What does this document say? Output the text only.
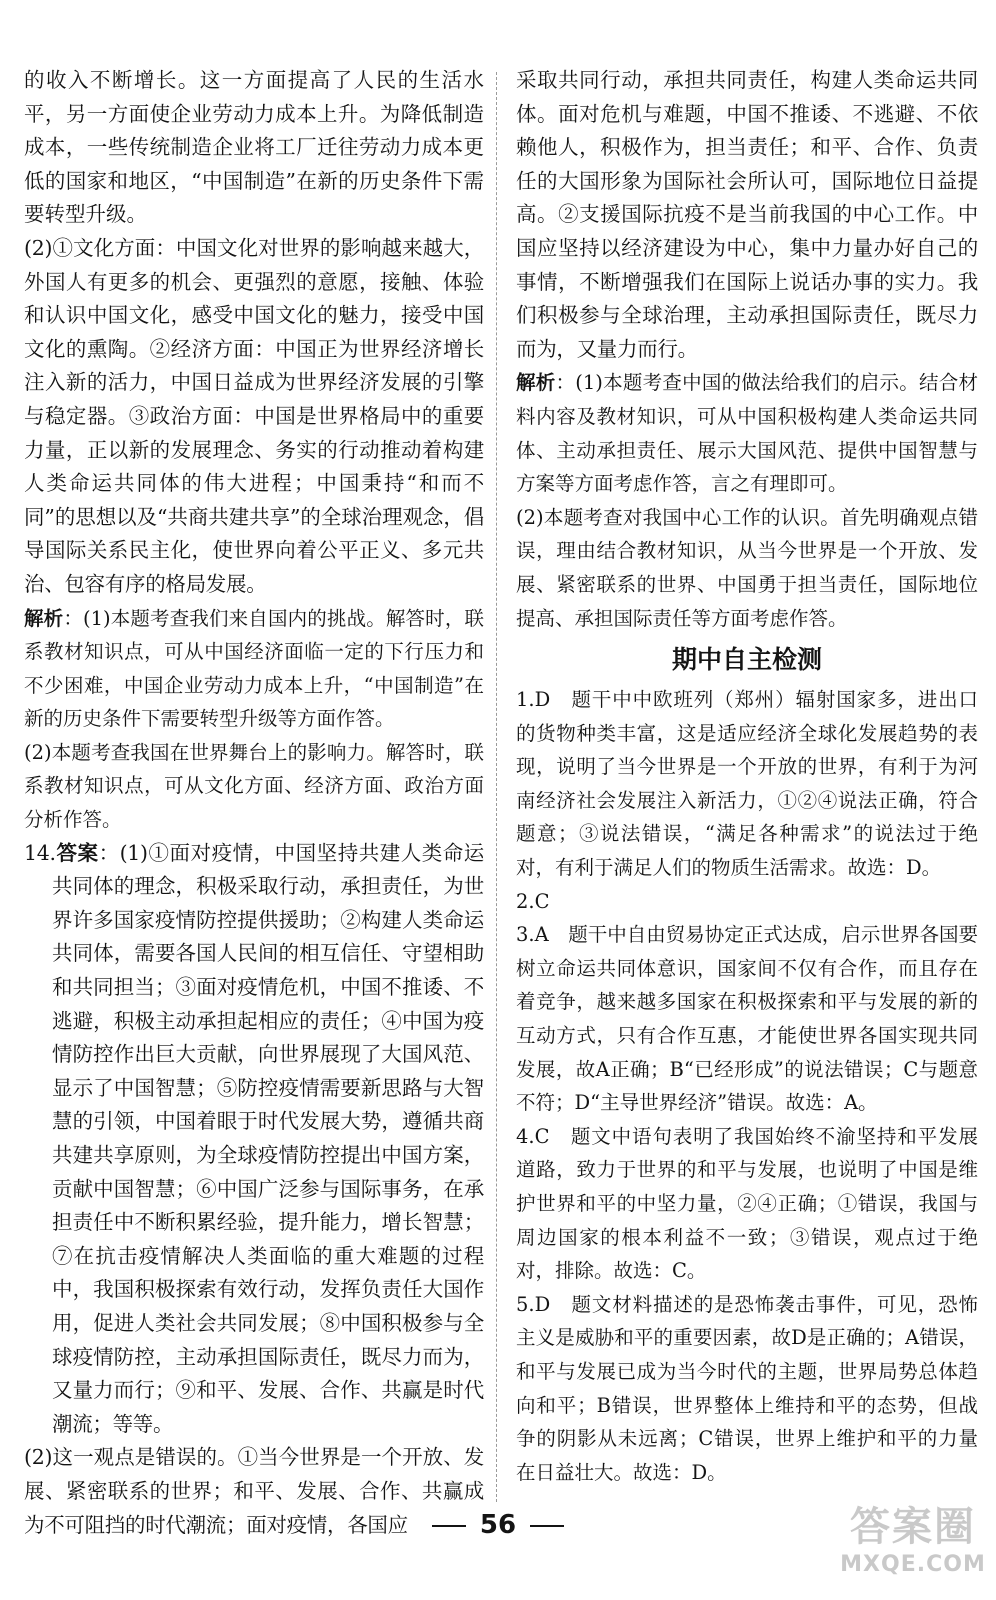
的收入不断增长。这一方面提高了人民的生活水平，另一方面使企业劳动力成本上升。为降低制造成本，一些传统制造企业将工厂迁往劳动力成本更低的国家和地区，“中国制造”在新的历史条件下需要转型升级。

(2)①文化方面：中国文化对世界的影响越来越大，外国人有更多的机会、更强烈的意愿，接触、体验和认识中国文化，感受中国文化的魅力，接受中国文化的熏陶。②经济方面：中国正为世界经济增长注入新的活力，中国日益成为世界经济发展的引擎与稳定器。③政治方面：中国是世界格局中的重要力量，正以新的发展理念、务实的行动推动着构建人类命运共同体的伟大进程；中国秉持“和而不同”的思想以及“共商共建共享”的全球治理观念，倡导国际关系民主化，使世界向着公平正义、多元共治、包容有序的格局发展。

解析：(1)本题考查我们来自国内的挑战。解答时，联系教材知识点，可从中国经济面临一定的下行压力和不少困难，中国企业劳动力成本上升，“中国制造”在新的历史条件下需要转型升级等方面作答。

(2)本题考查我国在世界舞台上的影响力。解答时，联系教材知识点，可从文化方面、经济方面、政治方面分析作答。

14.答案：(1)①面对疫情，中国坚持共建人类命运共同体的理念，积极采取行动，承担责任，为世界许多国家疫情防控提供援助；②构建人类命运共同体，需要各国人民间的相互信任、守望相助和共同担当；③面对疫情危机，中国不推诿、不逃避，积极主动承担起相应的责任；④中国为疫情防控作出巨大贡献，向世界展现了大国风范、显示了中国智慧；⑤防控疫情需要新思路与大智慧的引领，中国着眼于时代发展大势，遵循共商共建共享原则，为全球疫情防控提出中国方案，贡献中国智慧；⑥中国广泛参与国际事务，在承担责任中不断积累经验，提升能力，增长智慧；⑦在抗击疫情解决人类面临的重大难题的过程中，我国积极探索有效行动，发挥负责任大国作用，促进人类社会共同发展；⑧中国积极参与全球疫情防控，主动承担国际责任，既尽力而为，又量力而行；⑨和平、发展、合作、共赢是时代潮流；等等。

(2)这一观点是错误的。①当今世界是一个开放、发展、紧密联系的世界；和平、发展、合作、共赢成为不可阻挡的时代潮流；面对疫情，各国应

采取共同行动，承担共同责任，构建人类命运共同体。面对危机与难题，中国不推诿、不逃避、不依赖他人，积极作为，担当责任；和平、合作、负责任的大国形象为国际社会所认可，国际地位日益提高。②支援国际抗疫不是当前我国的中心工作。中国应坚持以经济建设为中心，集中力量办好自己的事情，不断增强我们在国际上说话办事的实力。我们积极参与全球治理，主动承担国际责任，既尽力而为，又量力而行。

解析：(1)本题考查中国的做法给我们的启示。结合材料内容及教材知识，可从中国积极构建人类命运共同体、主动承担责任、展示大国风范、提供中国智慧与方案等方面考虑作答，言之有理即可。

(2)本题考查对我国中心工作的认识。首先明确观点错误，理由结合教材知识，从当今世界是一个开放、发展、紧密联系的世界、中国勇于担当责任，国际地位提高、承担国际责任等方面考虑作答。

期中自主检测

1.D　题干中中欧班列（郑州）辐射国家多，进出口的货物种类丰富，这是适应经济全球化发展趋势的表现，说明了当今世界是一个开放的世界，有利于为河南经济社会发展注入新活力，①②④说法正确，符合题意；③说法错误，“满足各种需求”的说法过于绝对，有利于满足人们的物质生活需求。故选：D。

2.C

3.A　题干中自由贸易协定正式达成，启示世界各国要树立命运共同体意识，国家间不仅有合作，而且存在着竞争，越来越多国家在积极探索和平与发展的新的互动方式，只有合作互惠，才能使世界各国实现共同发展，故A正确；B“已经形成”的说法错误；C与题意不符；D“主导世界经济”错误。故选：A。

4.C　题文中语句表明了我国始终不渝坚持和平发展道路，致力于世界的和平与发展，也说明了中国是维护世界和平的中坚力量，②④正确；①错误，我国与周边国家的根本利益不一致；③错误，观点过于绝对，排除。故选：C。

5.D　题文材料描述的是恐怖袭击事件，可见，恐怖主义是威胁和平的重要因素，故D是正确的；A错误，和平与发展已成为当今时代的主题，世界局势总体趋向和平；B错误，世界整体上维持和平的态势，但战争的阴影从未远离；C错误，世界上维护和平的力量在日益壮大。故选：D。

56	答案圈
MXQE.COM
